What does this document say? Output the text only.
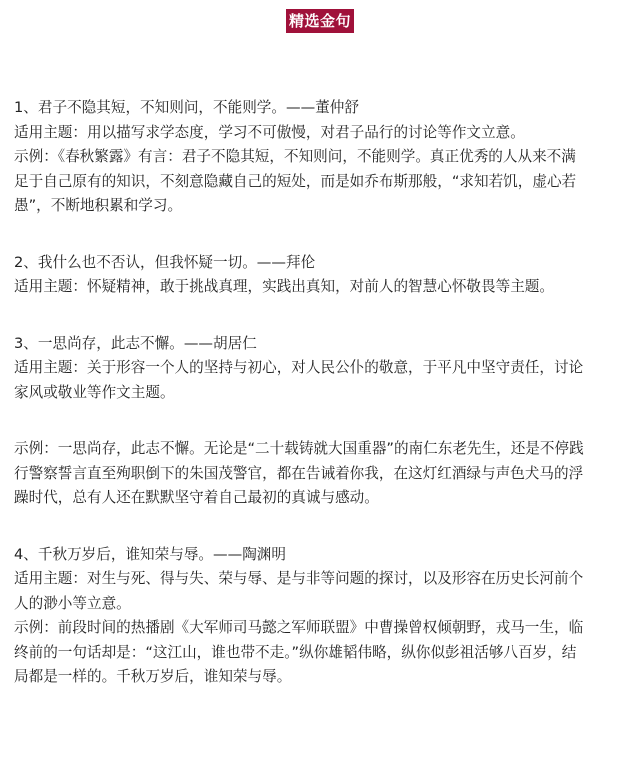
精选金句

1、君子不隐其短，不知则问，不能则学。——董仲舒

适用主题：用以描写求学态度，学习不可傲慢，对君子品行的讨论等作文立意。

示例：《春秋繁露》有言：君子不隐其短，不知则问，不能则学。真正优秀的人从来不满

足于自己原有的知识，不刻意隐藏自己的短处，而是如乔布斯那般，“求知若饥，虚心若

愚”，不断地积累和学习。

2、我什么也不否认，但我怀疑一切。——拜伦

适用主题：怀疑精神，敢于挑战真理，实践出真知，对前人的智慧心怀敬畏等主题。

3、一思尚存，此志不懈。——胡居仁

适用主题：关于形容一个人的坚持与初心，对人民公仆的敬意，于平凡中坚守责任，讨论

家风或敬业等作文主题。

示例：一思尚存，此志不懈。无论是“二十载铸就大国重器”的南仁东老先生，还是不停践

行警察誓言直至殉职倒下的朱国茂警官，都在告诫着你我，在这灯红酒绿与声色犬马的浮

躁时代，总有人还在默默坚守着自己最初的真诚与感动。

4、千秋万岁后，谁知荣与辱。——陶渊明

适用主题：对生与死、得与失、荣与辱、是与非等问题的探讨，以及形容在历史长河前个

人的渺小等立意。

示例：前段时间的热播剧《大军师司马懿之军师联盟》中曹操曾权倾朝野，戎马一生，临

终前的一句话却是：“这江山，谁也带不走。”纵你雄韬伟略，纵你似彭祖活够八百岁，结

局都是一样的。千秋万岁后，谁知荣与辱。
